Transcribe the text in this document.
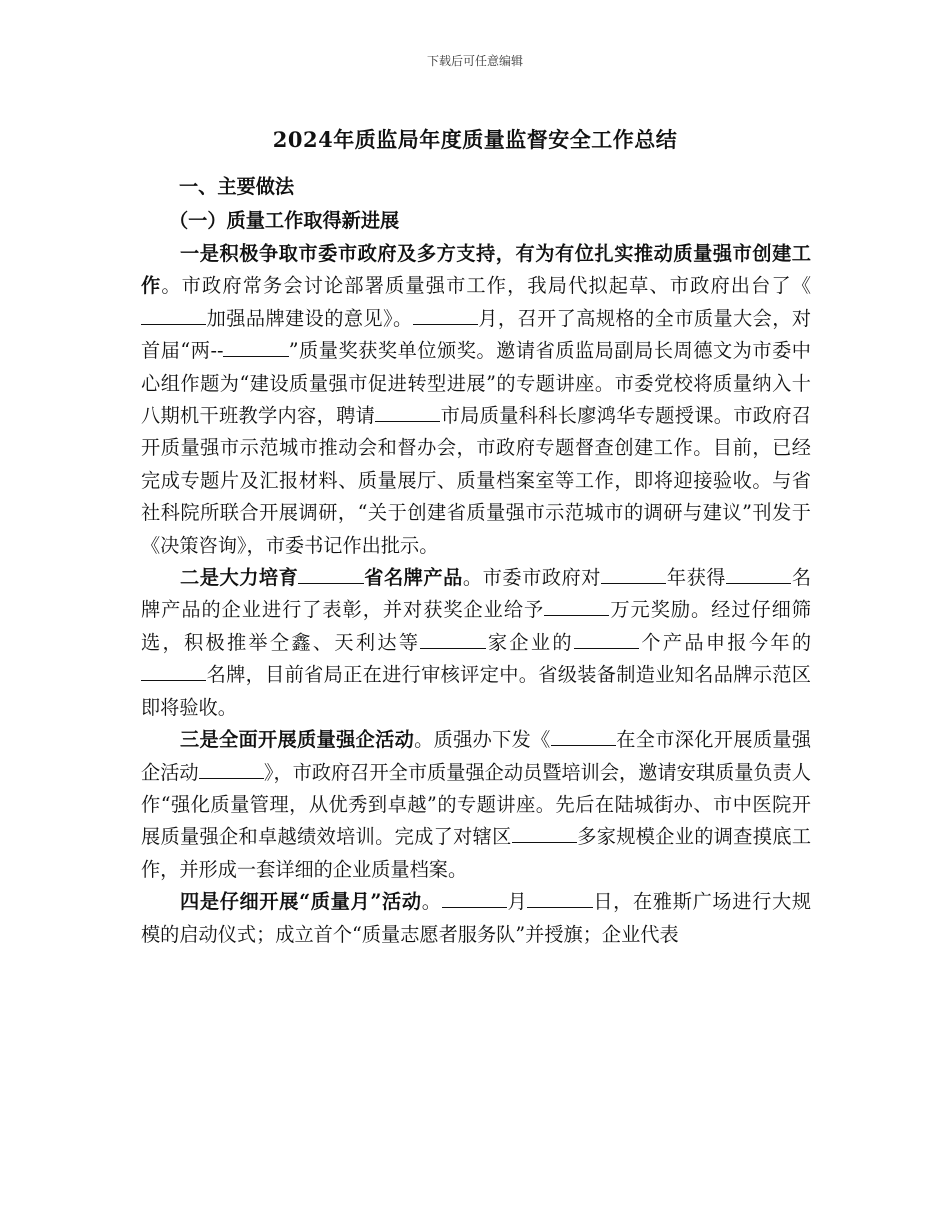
下载后可任意编辑
2024年质监局年度质量监督安全工作总结

一、主要做法

（一）质量工作取得新进展

一是积极争取市委市政府及多方支持，有为有位扎实推动质量强市创建工作。市政府常务会讨论部署质量强市工作，我局代拟起草、市政府出台了《加强品牌建设的意见》。	月，召开了高规格的全市质量大会，对首届“两--	”质量奖获奖单位颁奖。邀请省质监局副局长周德文为市委中心组作题为“建设质量强市促进转型进展”的专题讲座。市委党校将质量纳入十八期机干班教学内容，聘请	市局质量科科长廖鸿华专题授课。市政府召开质量强市示范城市推动会和督办会，市政府专题督查创建工作。目前，已经完成专题片及汇报材料、质量展厅、质量档案室等工作，即将迎接验收。与省社科院所联合开展调研，“关于创建省质量强市示范城市的调研与建议”刊发于《决策咨询》，市委书记作出批示。

二是大力培育	省名牌产品。市委市政府对	年获得	名牌产品的企业进行了表彰，并对获奖企业给予	万元奖励。经过仔细筛选，积极推举仝鑫、天利达等	家企业的	个产品申报今年的名牌，目前省局正在进行审核评定中。省级装备制造业知名品牌示范区即将验收。

三是全面开展质量强企活动。质强办下发《	在全市深化开展质量强企活动	》，市政府召开全市质量强企动员暨培训会，邀请安琪质量负责人作“强化质量管理，从优秀到卓越”的专题讲座。先后在陆城街办、市中医院开展质量强企和卓越绩效培训。完成了对辖区	多家规模企业的调查摸底工作，并形成一套详细的企业质量档案。

四是仔细开展“质量月”活动。	月	日，在雅斯广场进行大规模的启动仪式；成立首个“质量志愿者服务队”并授旗；企业代表
